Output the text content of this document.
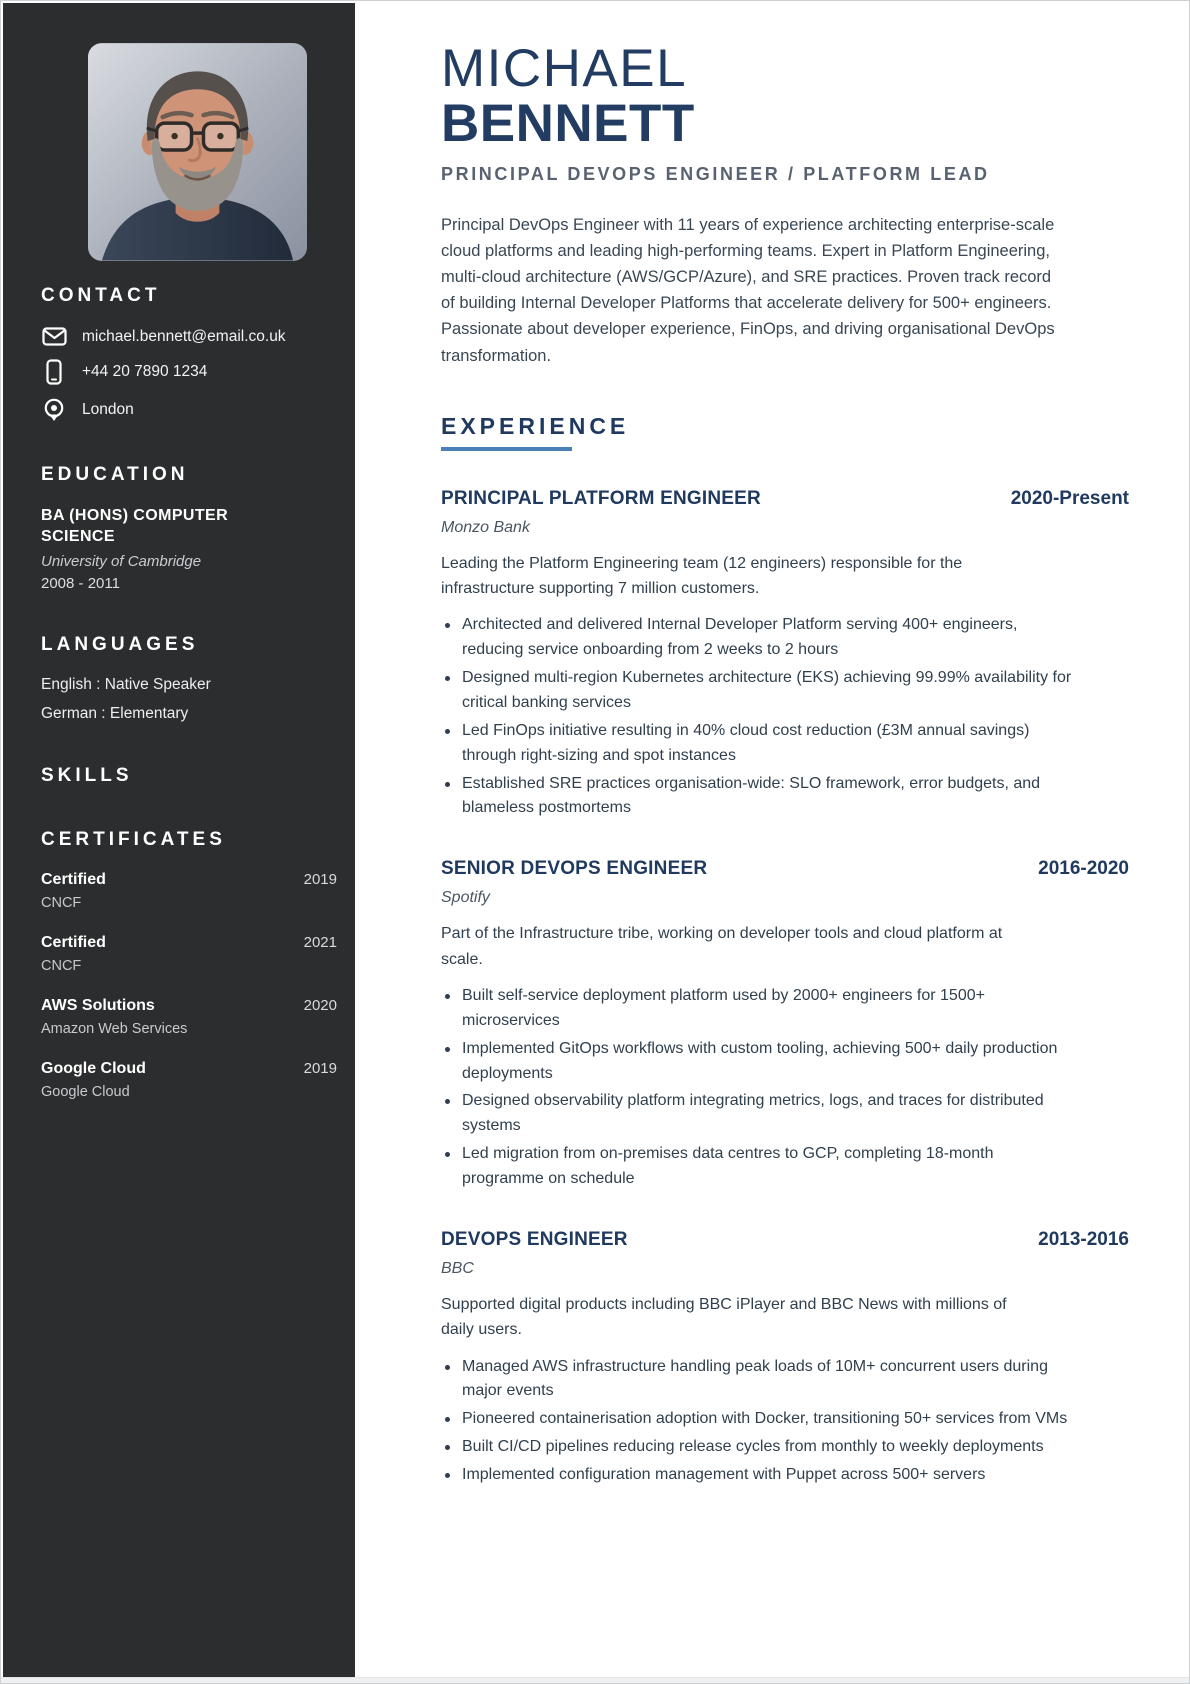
CONTACT
michael.bennett@email.co.uk
+44 20 7890 1234
London
EDUCATION
BA (HONS) COMPUTER SCIENCE
University of Cambridge
2008 - 2011
LANGUAGES
English : Native Speaker
German : Elementary
SKILLS
CERTIFICATES
Certified	2019
CNCF
Certified	2021
CNCF
AWS Solutions	2020
Amazon Web Services
Google Cloud	2019
Google Cloud
MICHAEL
BENNETT
PRINCIPAL DEVOPS ENGINEER / PLATFORM LEAD

Principal DevOps Engineer with 11 years of experience architecting enterprise-scale cloud platforms and leading high-performing teams. Expert in Platform Engineering, multi-cloud architecture (AWS/GCP/Azure), and SRE practices. Proven track record of building Internal Developer Platforms that accelerate delivery for 500+ engineers. Passionate about developer experience, FinOps, and driving organisational DevOps transformation.

EXPERIENCE
PRINCIPAL PLATFORM ENGINEER	2020-Present
Monzo Bank

Leading the Platform Engineering team (12 engineers) responsible for the infrastructure supporting 7 million customers.

Architected and delivered Internal Developer Platform serving 400+ engineers, reducing service onboarding from 2 weeks to 2 hours
Designed multi-region Kubernetes architecture (EKS) achieving 99.99% availability for critical banking services
Led FinOps initiative resulting in 40% cloud cost reduction (£3M annual savings) through right-sizing and spot instances
Established SRE practices organisation-wide: SLO framework, error budgets, and blameless postmortems
SENIOR DEVOPS ENGINEER	2016-2020
Spotify

Part of the Infrastructure tribe, working on developer tools and cloud platform at scale.

Built self-service deployment platform used by 2000+ engineers for 1500+ microservices
Implemented GitOps workflows with custom tooling, achieving 500+ daily production deployments
Designed observability platform integrating metrics, logs, and traces for distributed systems
Led migration from on-premises data centres to GCP, completing 18-month programme on schedule
DEVOPS ENGINEER	2013-2016
BBC

Supported digital products including BBC iPlayer and BBC News with millions of daily users.

Managed AWS infrastructure handling peak loads of 10M+ concurrent users during major events
Pioneered containerisation adoption with Docker, transitioning 50+ services from VMs
Built CI/CD pipelines reducing release cycles from monthly to weekly deployments
Implemented configuration management with Puppet across 500+ servers
